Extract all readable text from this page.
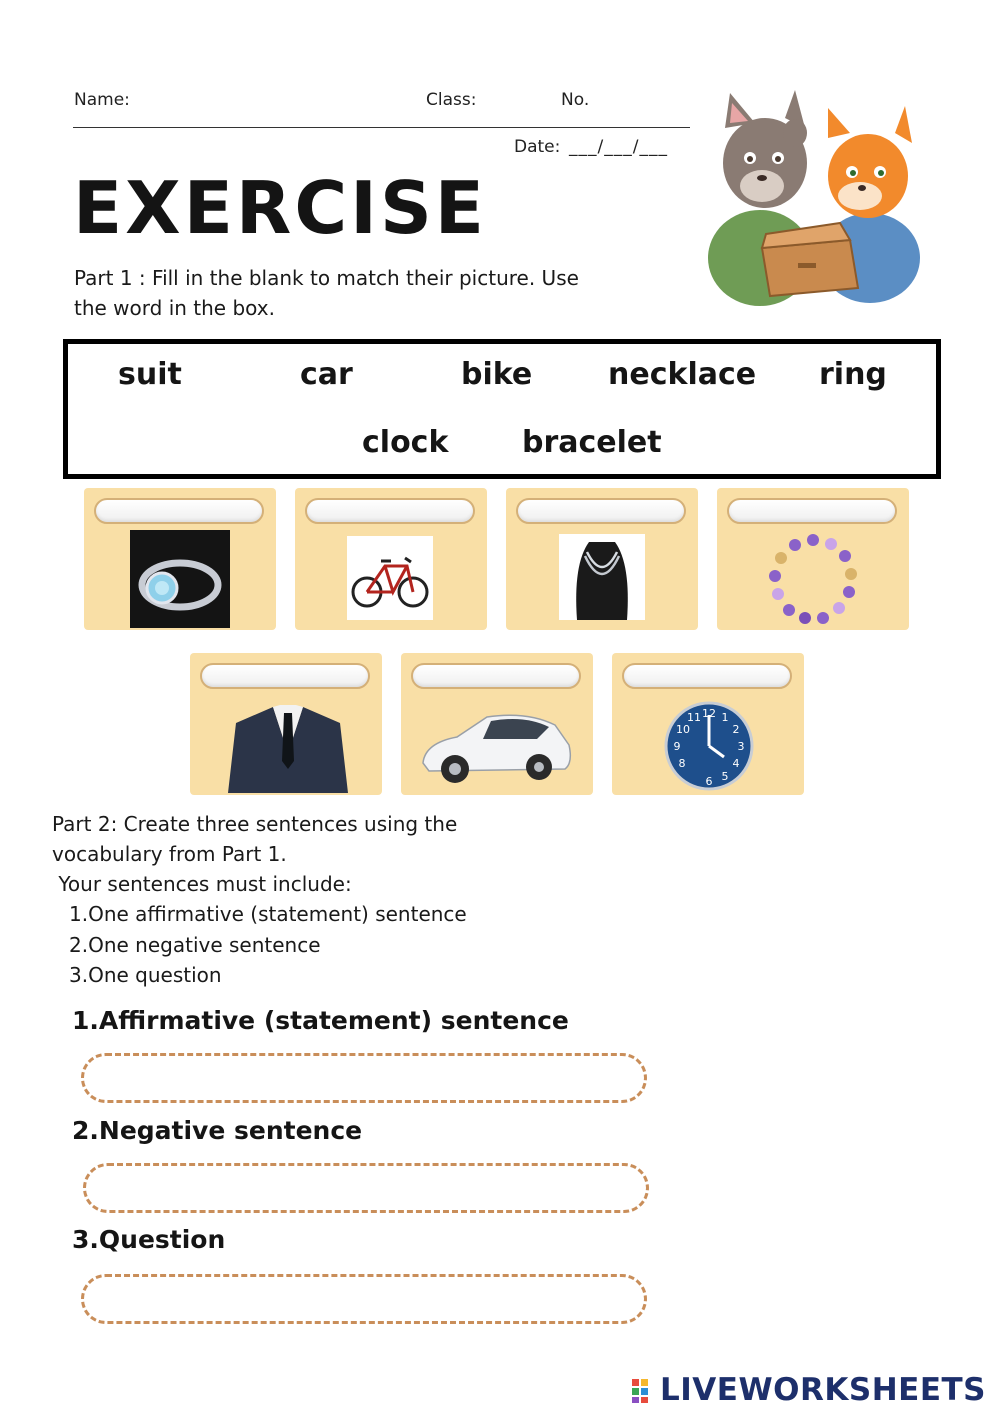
Name:	Class:	No.
Date: ___/___/___
EXERCISE
Part 1 : Fill in the blank to match their picture. Use
the word in the box.
suit	car	bike	necklace ring
clock bracelet
12 1
2
3
4
5
6
8
9
10
11
Part 2: Create three sentences using the
vocabulary from Part 1.
Your sentences must include:
1.One affirmative (statement) sentence
2.One negative sentence
3.One question
1.Affirmative (statement) sentence
2.Negative sentence
3.Question
LIVEWORKSHEETS
